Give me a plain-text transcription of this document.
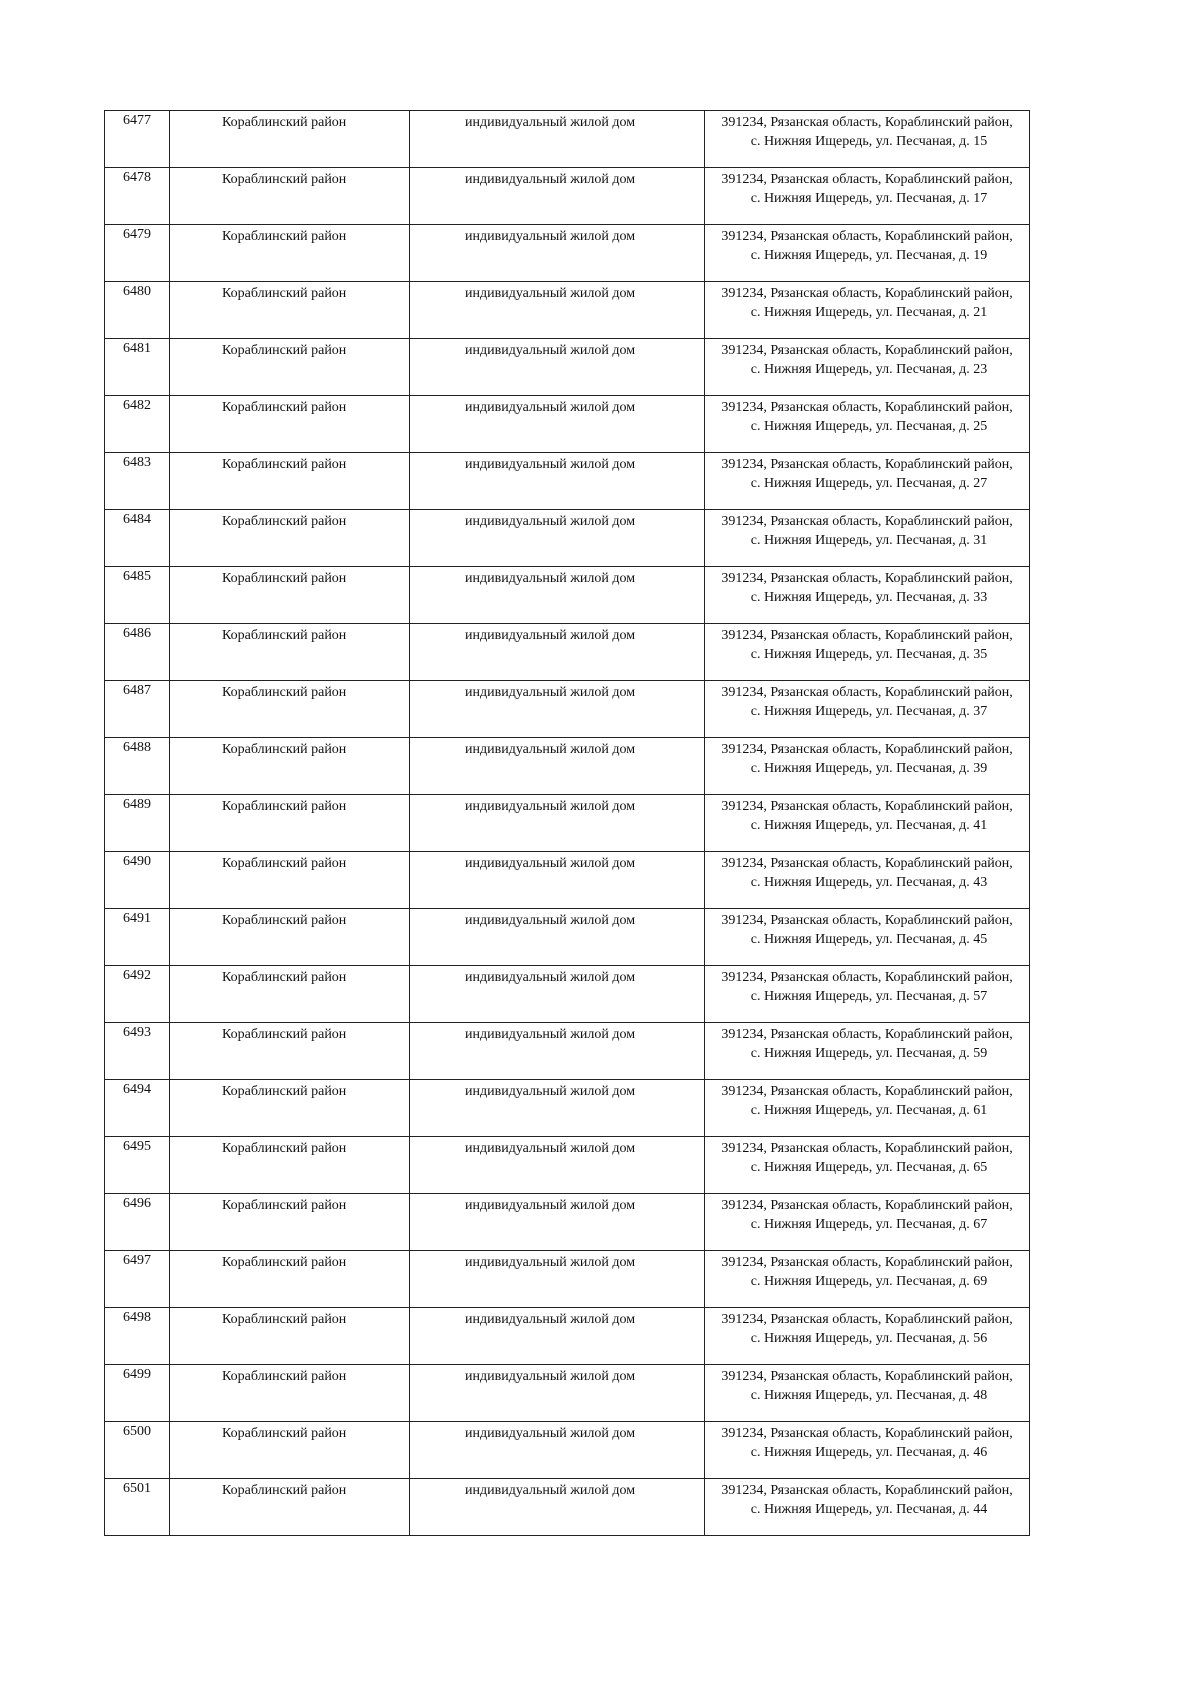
6477	Кораблинский район	индивидуальный жилой дом	391234, Рязанская область, Кораблинский район,
с. Нижняя Ищередь, ул. Песчаная, д. 15

6478	Кораблинский район	индивидуальный жилой дом	391234, Рязанская область, Кораблинский район,
с. Нижняя Ищередь, ул. Песчаная, д. 17

6479	Кораблинский район	индивидуальный жилой дом	391234, Рязанская область, Кораблинский район,
с. Нижняя Ищередь, ул. Песчаная, д. 19

6480	Кораблинский район	индивидуальный жилой дом	391234, Рязанская область, Кораблинский район,
с. Нижняя Ищередь, ул. Песчаная, д. 21

6481	Кораблинский район	индивидуальный жилой дом	391234, Рязанская область, Кораблинский район,
с. Нижняя Ищередь, ул. Песчаная, д. 23

6482	Кораблинский район	индивидуальный жилой дом	391234, Рязанская область, Кораблинский район,
с. Нижняя Ищередь, ул. Песчаная, д. 25

6483	Кораблинский район	индивидуальный жилой дом	391234, Рязанская область, Кораблинский район,
с. Нижняя Ищередь, ул. Песчаная, д. 27

6484	Кораблинский район	индивидуальный жилой дом	391234, Рязанская область, Кораблинский район,
с. Нижняя Ищередь, ул. Песчаная, д. 31

6485	Кораблинский район	индивидуальный жилой дом	391234, Рязанская область, Кораблинский район,
с. Нижняя Ищередь, ул. Песчаная, д. 33

6486	Кораблинский район	индивидуальный жилой дом	391234, Рязанская область, Кораблинский район,
с. Нижняя Ищередь, ул. Песчаная, д. 35

6487	Кораблинский район	индивидуальный жилой дом	391234, Рязанская область, Кораблинский район,
с. Нижняя Ищередь, ул. Песчаная, д. 37

6488	Кораблинский район	индивидуальный жилой дом	391234, Рязанская область, Кораблинский район,
с. Нижняя Ищередь, ул. Песчаная, д. 39

6489	Кораблинский район	индивидуальный жилой дом	391234, Рязанская область, Кораблинский район,
с. Нижняя Ищередь, ул. Песчаная, д. 41

6490	Кораблинский район	индивидуальный жилой дом	391234, Рязанская область, Кораблинский район,
с. Нижняя Ищередь, ул. Песчаная, д. 43

6491	Кораблинский район	индивидуальный жилой дом	391234, Рязанская область, Кораблинский район,
с. Нижняя Ищередь, ул. Песчаная, д. 45

6492	Кораблинский район	индивидуальный жилой дом	391234, Рязанская область, Кораблинский район,
с. Нижняя Ищередь, ул. Песчаная, д. 57

6493	Кораблинский район	индивидуальный жилой дом	391234, Рязанская область, Кораблинский район,
с. Нижняя Ищередь, ул. Песчаная, д. 59

6494	Кораблинский район	индивидуальный жилой дом	391234, Рязанская область, Кораблинский район,
с. Нижняя Ищередь, ул. Песчаная, д. 61

6495	Кораблинский район	индивидуальный жилой дом	391234, Рязанская область, Кораблинский район,
с. Нижняя Ищередь, ул. Песчаная, д. 65

6496	Кораблинский район	индивидуальный жилой дом	391234, Рязанская область, Кораблинский район,
с. Нижняя Ищередь, ул. Песчаная, д. 67

6497	Кораблинский район	индивидуальный жилой дом	391234, Рязанская область, Кораблинский район,
с. Нижняя Ищередь, ул. Песчаная, д. 69

6498	Кораблинский район	индивидуальный жилой дом	391234, Рязанская область, Кораблинский район,
с. Нижняя Ищередь, ул. Песчаная, д. 56

6499	Кораблинский район	индивидуальный жилой дом	391234, Рязанская область, Кораблинский район,
с. Нижняя Ищередь, ул. Песчаная, д. 48

6500	Кораблинский район	индивидуальный жилой дом	391234, Рязанская область, Кораблинский район,
с. Нижняя Ищередь, ул. Песчаная, д. 46

6501	Кораблинский район	индивидуальный жилой дом	391234, Рязанская область, Кораблинский район,
с. Нижняя Ищередь, ул. Песчаная, д. 44
